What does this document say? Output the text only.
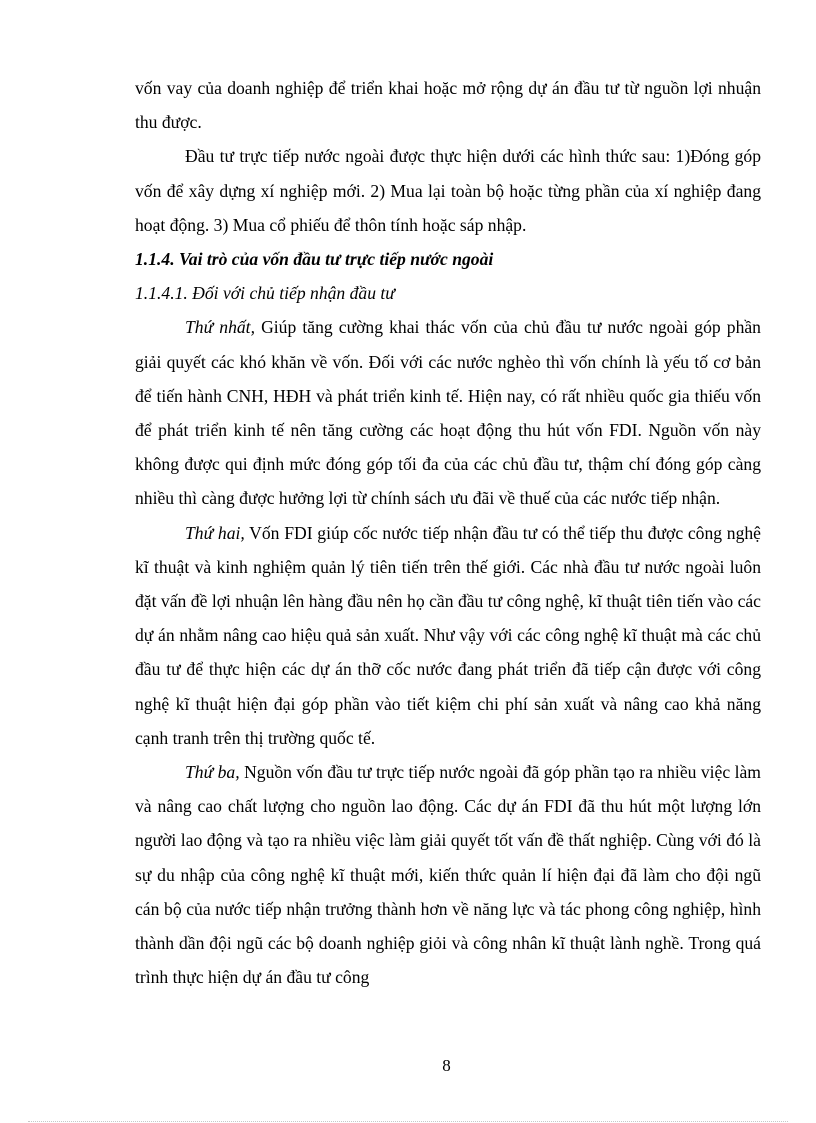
vốn vay của doanh nghiệp để triển khai hoặc mở rộng dự án đầu tư từ nguồn lợi nhuận thu được.

Đầu tư trực tiếp nước ngoài được thực hiện dưới các hình thức sau: 1)Đóng góp vốn để xây dựng xí nghiệp mới. 2) Mua lại toàn bộ hoặc từng phần của xí nghiệp đang hoạt động. 3) Mua cổ phiếu để thôn tính hoặc sáp nhập.

1.1.4. Vai trò của vốn đầu tư trực tiếp nước ngoài

1.1.4.1. Đối với chủ tiếp nhận đầu tư

Thứ nhất, Giúp tăng cường khai thác vốn của chủ đầu tư nước ngoài góp phần giải quyết các khó khăn về vốn. Đối với các nước nghèo thì vốn chính là yếu tố cơ bản để tiến hành CNH, HĐH và phát triển kinh tế. Hiện nay, có rất nhiều quốc gia thiếu vốn để phát triển kinh tế nên tăng cường các hoạt động thu hút vốn FDI. Nguồn vốn này không được qui định mức đóng góp tối đa của các chủ đầu tư, thậm chí đóng góp càng nhiều thì càng được hưởng lợi từ chính sách ưu đãi về thuế của các nước tiếp nhận.

Thứ hai, Vốn FDI giúp cốc nước tiếp nhận đầu tư có thể tiếp thu được công nghệ kĩ thuật và kinh nghiệm quản lý tiên tiến trên thế giới. Các nhà đầu tư nước ngoài luôn đặt vấn đề lợi nhuận lên hàng đầu nên họ cần đầu tư công nghệ, kĩ thuật tiên tiến vào các dự án nhằm nâng cao hiệu quả sản xuất. Như vậy với các công nghệ kĩ thuật mà các chủ đầu tư để thực hiện các dự án thỡ cốc nước đang phát triển đã tiếp cận được với công nghệ kĩ thuật hiện đại góp phần vào tiết kiệm chi phí sản xuất và nâng cao khả năng cạnh tranh trên thị trường quốc tế.

Thứ ba, Nguồn vốn đầu tư trực tiếp nước ngoài đã góp phần tạo ra nhiều việc làm và nâng cao chất lượng cho nguồn lao động. Các dự án FDI đã thu hút một lượng lớn người lao động và tạo ra nhiều việc làm giải quyết tốt vấn đề thất nghiệp. Cùng với đó là sự du nhập của công nghệ kĩ thuật mới, kiến thức quản lí hiện đại đã làm cho đội ngũ cán bộ của nước tiếp nhận trưởng thành hơn về năng lực và tác phong công nghiệp, hình thành dần đội ngũ các bộ doanh nghiệp giỏi và công nhân kĩ thuật lành nghề. Trong quá trình thực hiện dự án đầu tư công

8
